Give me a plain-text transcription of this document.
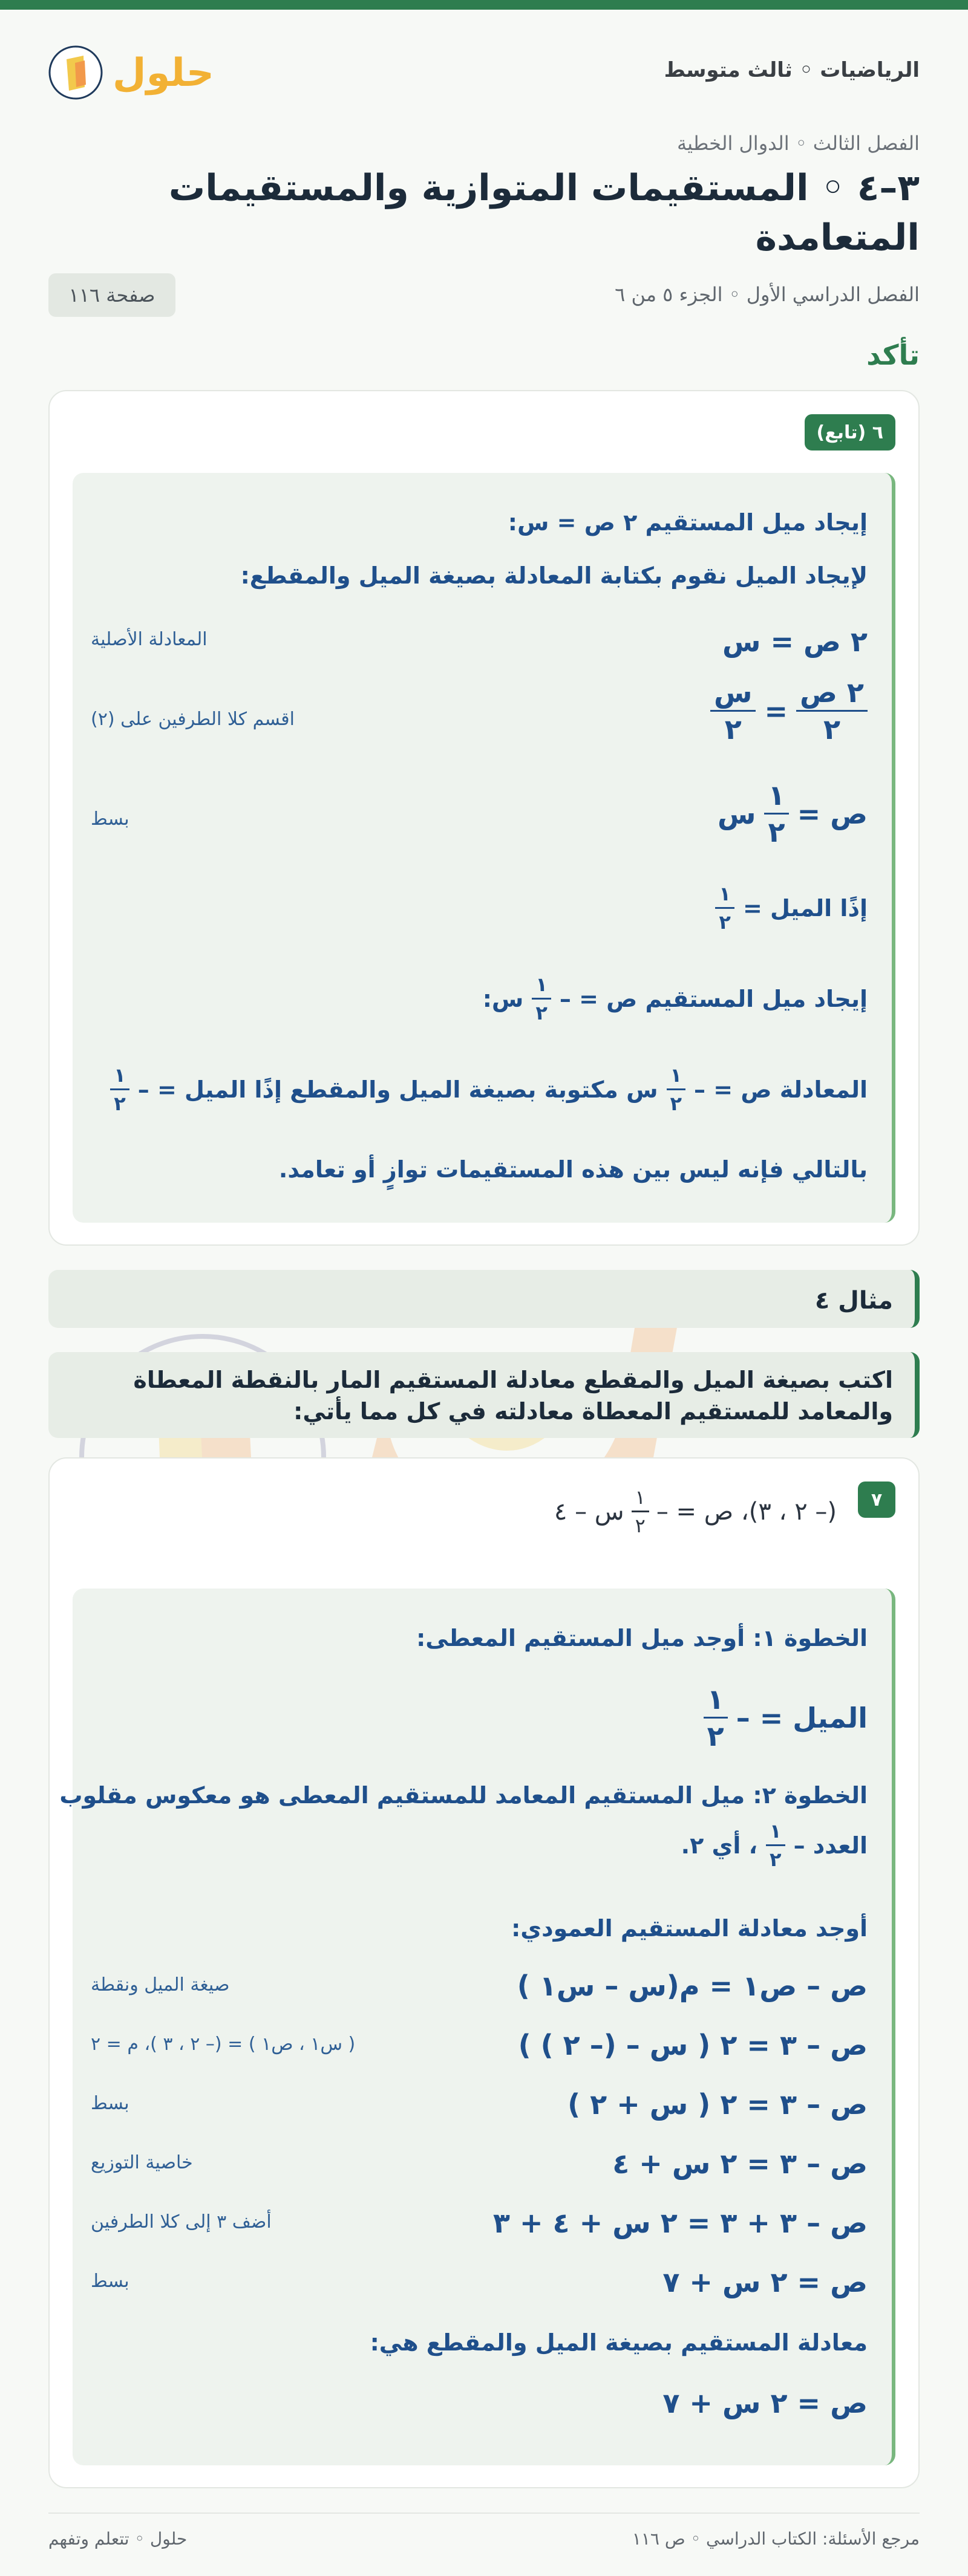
الرياضيات ◦ ثالث متوسط
حلول
الفصل الثالث ◦ الدوال الخطية
٣–٤ ◦ المستقيمات المتوازية والمستقيمات المتعامدة
الفصل الدراسي الأول ◦ الجزء ٥ من ٦
صفحة ١١٦
تأكد
٦ (تابع)
إيجاد ميل المستقيم ٢ ص = س:
لإيجاد الميل نقوم بكتابة المعادلة بصيغة الميل والمقطع:
٢ ص = س
المعادلة الأصلية
$\frac{\text{٢ ص}}{٢}$
=
$\frac{\text{س}}{٢}$
اقسم كلا الطرفين على (٢)
ص =
$\frac{١}{٢}$
س
بسط
إذًا الميل =
$\frac{١}{٢}$
إيجاد ميل المستقيم ص = –
$\frac{١}{٢}$
س:
المعادلة ص = –
$\frac{١}{٢}$
س مكتوبة بصيغة الميل والمقطع إذًا الميل = –
$\frac{١}{٢}$
بالتالي فإنه ليس بين هذه المستقيمات توازٍ أو تعامد.
مثال ٤
اكتب بصيغة الميل والمقطع معادلة المستقيم المار بالنقطة المعطاة والمعامد للمستقيم المعطاة معادلته في كل مما يأتي:
٧
(– ٢ ، ٣)، ص = –
$\frac{١}{٢}$
س – ٤
الخطوة ١: أوجد ميل المستقيم المعطى:
الميل = –
$\frac{١}{٢}$
الخطوة ٢: ميل المستقيم المعامد للمستقيم المعطى هو معكوس مقلوب
العدد –
$\frac{١}{٢}$
، أي ٢.
أوجد معادلة المستقيم العمودي:
ص – ص١ = م(س – س١ )
صيغة الميل ونقطة
ص – ٣ = ٢ ( س – (– ٢ ) )
( س١ ، ص١ ) = (– ٢ ، ٣ )، م = ٢
ص – ٣ = ٢ ( س + ٢ )
بسط
ص – ٣ = ٢ س + ٤
خاصية التوزيع
ص – ٣ + ٣ = ٢ س + ٤ + ٣
أضف ٣ إلى كلا الطرفين
ص = ٢ س + ٧
بسط
معادلة المستقيم بصيغة الميل والمقطع هي:
ص = ٢ س + ٧
مرجع الأسئلة: الكتاب الدراسي ◦ ص ١١٦
حلول ◦ تتعلم وتفهم
